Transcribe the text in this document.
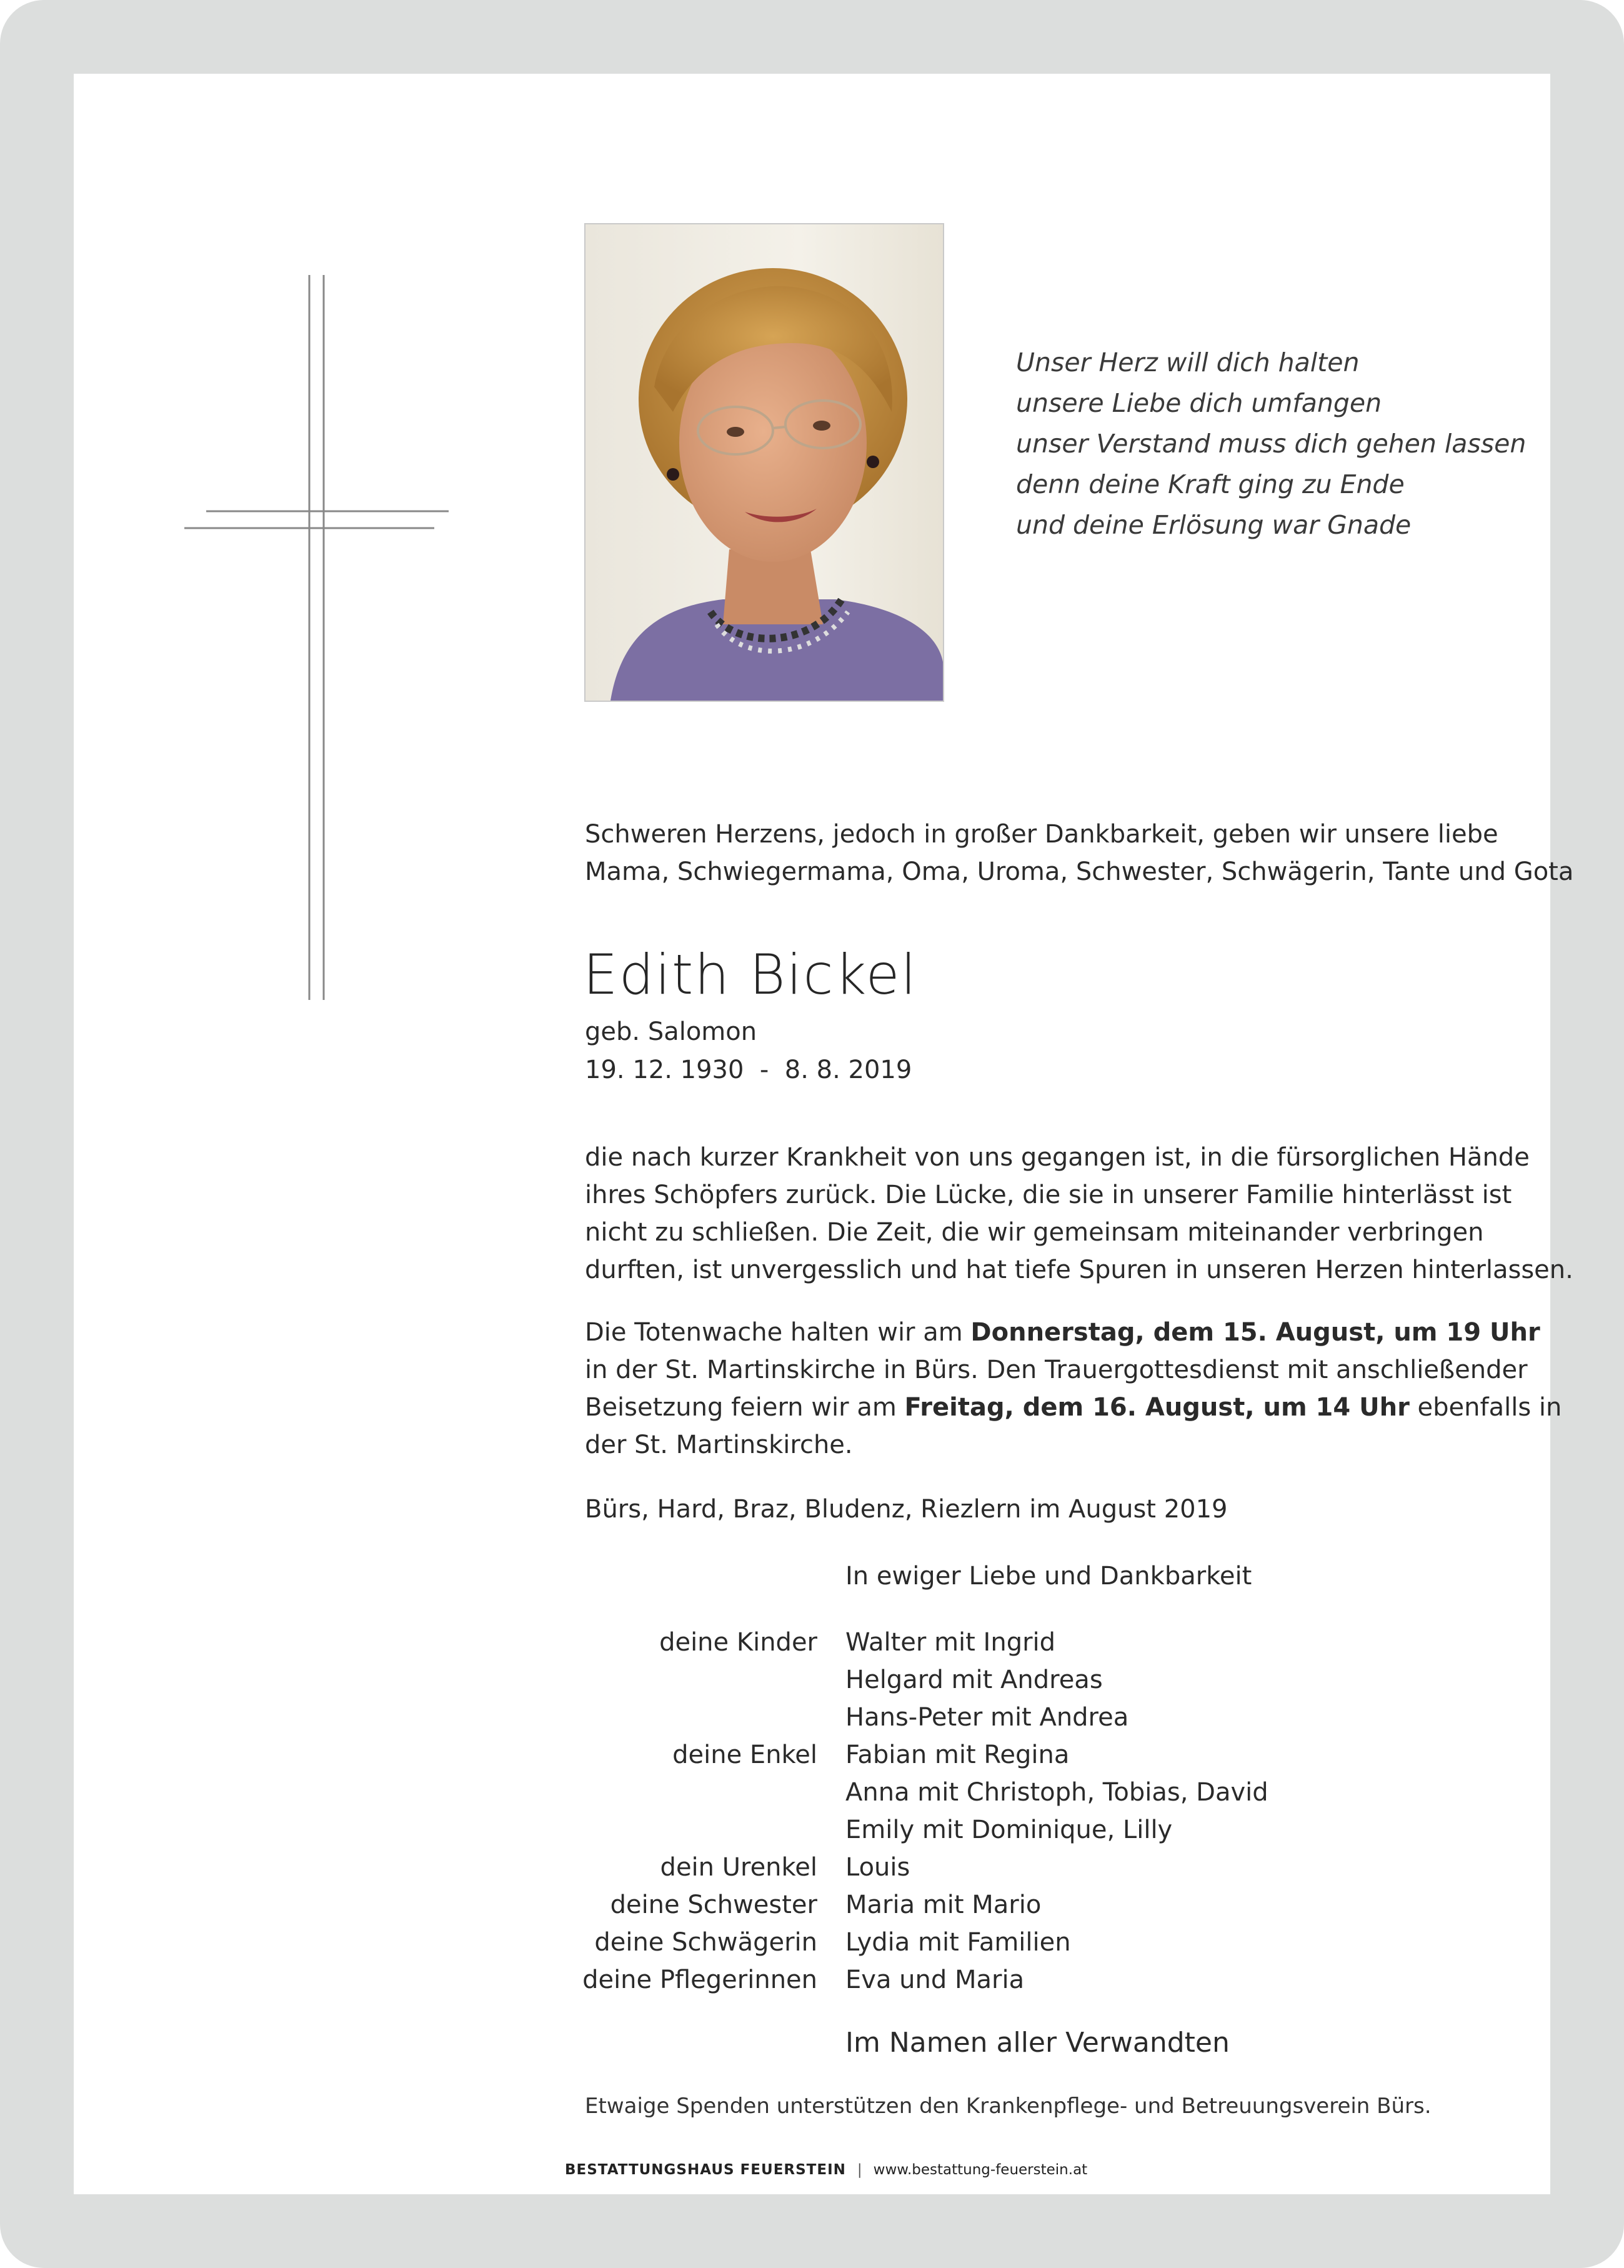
Unser Herz will dich halten
unsere Liebe dich umfangen
unser Verstand muss dich gehen lassen
denn deine Kraft ging zu Ende
und deine Erlösung war Gnade
Schweren Herzens, jedoch in großer Dankbarkeit, geben wir unsere liebe
Mama, Schwiegermama, Oma, Uroma, Schwester, Schwägerin, Tante und Gota
Edith Bickel
geb. Salomon
19. 12. 1930  -  8. 8. 2019
die nach kurzer Krankheit von uns gegangen ist, in die fürsorglichen Hände
ihres Schöpfers zurück. Die Lücke, die sie in unserer Familie hinterlässt ist
nicht zu schließen. Die Zeit, die wir gemeinsam miteinander verbringen
durften, ist unvergesslich und hat tiefe Spuren in unseren Herzen hinterlassen.
Die Totenwache halten wir am Donnerstag, dem 15. August, um 19 Uhr
in der St. Martinskirche in Bürs. Den Trauergottesdienst mit anschließender
Beisetzung feiern wir am Freitag, dem 16. August, um 14 Uhr ebenfalls in
der St. Martinskirche.
Bürs, Hard, Braz, Bludenz, Riezlern im August 2019
In ewiger Liebe und Dankbarkeit
deine Kinder Walter mit Ingrid
Helgard mit Andreas
Hans-Peter mit Andrea
deine Enkel Fabian mit Regina
Anna mit Christoph, Tobias, David
Emily mit Dominique, Lilly
dein Urenkel Louis
deine Schwester Maria mit Mario
deine Schwägerin Lydia mit Familien
deine Pflegerinnen Eva und Maria
Im Namen aller Verwandten
Etwaige Spenden unterstützen den Krankenpflege- und Betreuungsverein Bürs.
BESTATTUNGSHAUS FEUERSTEIN | www.bestattung-feuerstein.at
